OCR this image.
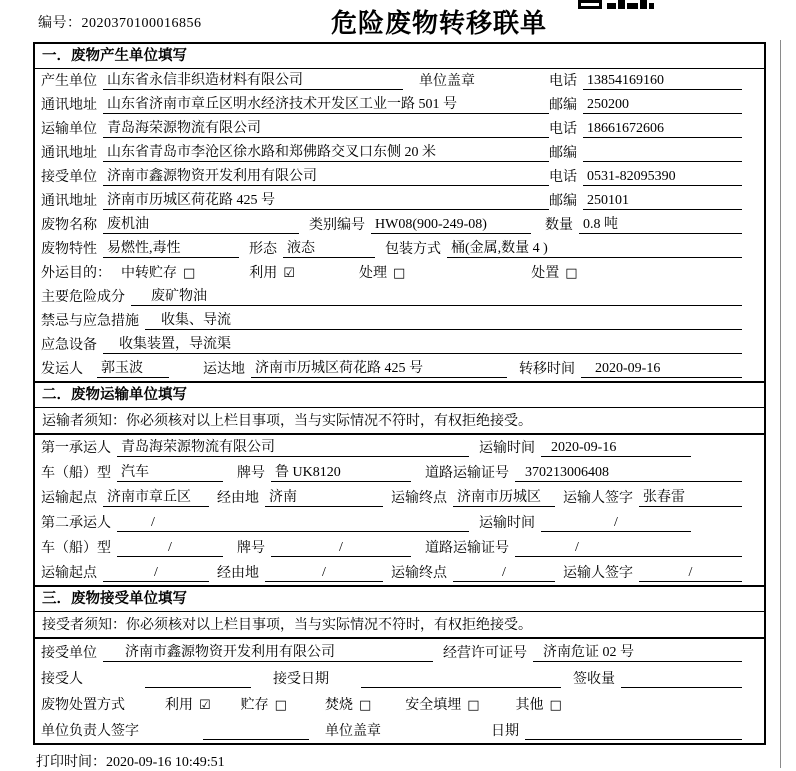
编号：2020370100016856	危险废物转移联单
一．废物产生单位填写
产生单位 山东省永信非织造材料有限公司	单位盖章	电话 13854169160
通讯地址 山东省济南市章丘区明水经济技术开发区工业一路 501 号	邮编 250200
运输单位 青岛海荣源物流有限公司	电话 18661672606
通讯地址 山东省青岛市李沧区徐水路和郑佛路交叉口东侧 20 米	邮编
接受单位 济南市鑫源物资开发利用有限公司	电话 0531-82095390
通讯地址 济南市历城区荷花路 425 号	邮编 250101
废物名称 废机油	类别编号 HW08(900-249-08)	数量 0.8 吨
废物特性 易燃性,毒性	形态 液态	包装方式 桶(金属,数量 4 )
外运目的： 中转贮存 □	利用 ☑	处理 □	处置 □
主要危险成分	废矿物油
禁忌与应急措施	收集、导流
应急设备	收集装置，导流渠
发运人 郭玉波	运达地 济南市历城区荷花路 425 号	转移时间	2020-09-16
二．废物运输单位填写
运输者须知：你必须核对以上栏目事项，当与实际情况不符时，有权拒绝接受。
第一承运人 青岛海荣源物流有限公司	运输时间	2020-09-16
车（船）型 汽车	牌号 鲁 UK8120	道路运输证号	370213006408
运输起点 济南市章丘区	经由地 济南	运输终点 济南市历城区	运输人签字 张春雷
第二承运人	/	运输时间	/
车（船）型	/	牌号	/	道路运输证号	/
运输起点	/	经由地	/	运输终点	/	运输人签字	/
三．废物接受单位填写
接受者须知：你必须核对以上栏目事项，当与实际情况不符时，有权拒绝接受。
接受单位	济南市鑫源物资开发利用有限公司	经营许可证号	济南危证 02 号
接受人	接受日期	签收量
废物处置方式	利用 ☑ 贮存 □	焚烧 □ 安全填埋 □	其他 □
单位负责人签字	单位盖章	日期
打印时间：2020-09-16 10:49:51
